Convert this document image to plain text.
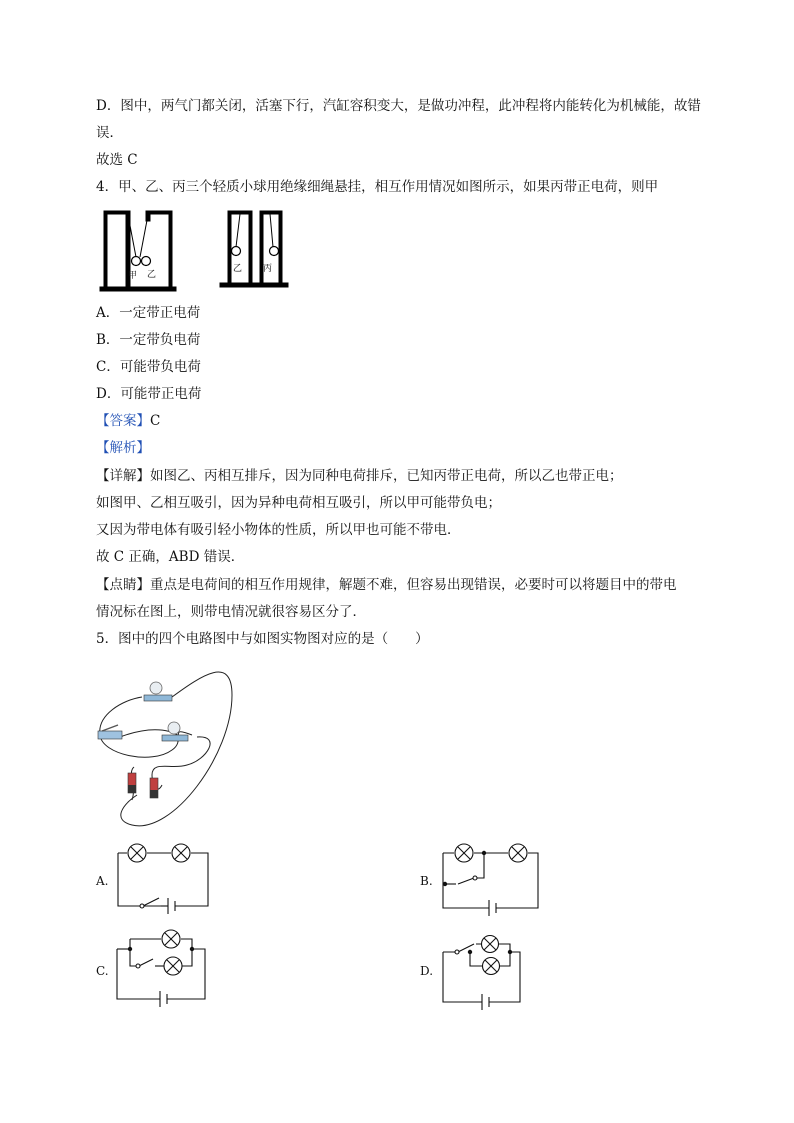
D．图中，两气门都关闭，活塞下行，汽缸容积变大，是做功冲程，此冲程将内能转化为机械能，故错
误．
故选 C
4．甲、乙、丙三个轻质小球用绝缘细绳悬挂，相互作用情况如图所示，如果丙带正电荷，则甲
甲 乙
乙 丙
A．一定带正电荷
B．一定带负电荷
C．可能带负电荷
D．可能带正电荷
【答案】C
【解析】
【详解】如图乙、丙相互排斥，因为同种电荷排斥，已知丙带正电荷，所以乙也带正电；
如图甲、乙相互吸引，因为异种电荷相互吸引，所以甲可能带负电；
又因为带电体有吸引轻小物体的性质，所以甲也可能不带电．
故 C 正确，ABD 错误．
【点睛】重点是电荷间的相互作用规律，解题不难，但容易出现错误，必要时可以将题目中的带电
情况标在图上，则带电情况就很容易区分了．
5．图中的四个电路图中与如图实物图对应的是（　　）
A.	B.
C.	D.
